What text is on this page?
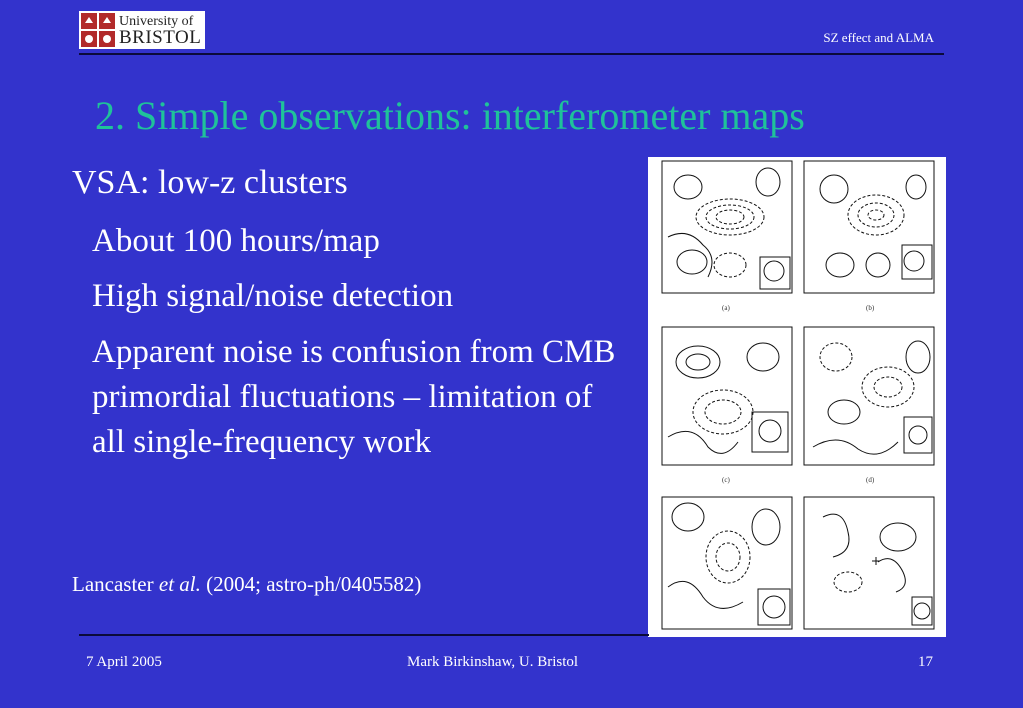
University of
BRISTOL	SZ effect and ALMA
2. Simple observations: interferometer maps
VSA: low-z clusters
About 100 hours/map
High signal/noise detection
Apparent noise is confusion from CMB primordial fluctuations – limitation of all single-frequency work
Lancaster et al. (2004; astro-ph/0405582)
(a)	(b)
(c)	(d)
7 April 2005	Mark Birkinshaw, U. Bristol	17
